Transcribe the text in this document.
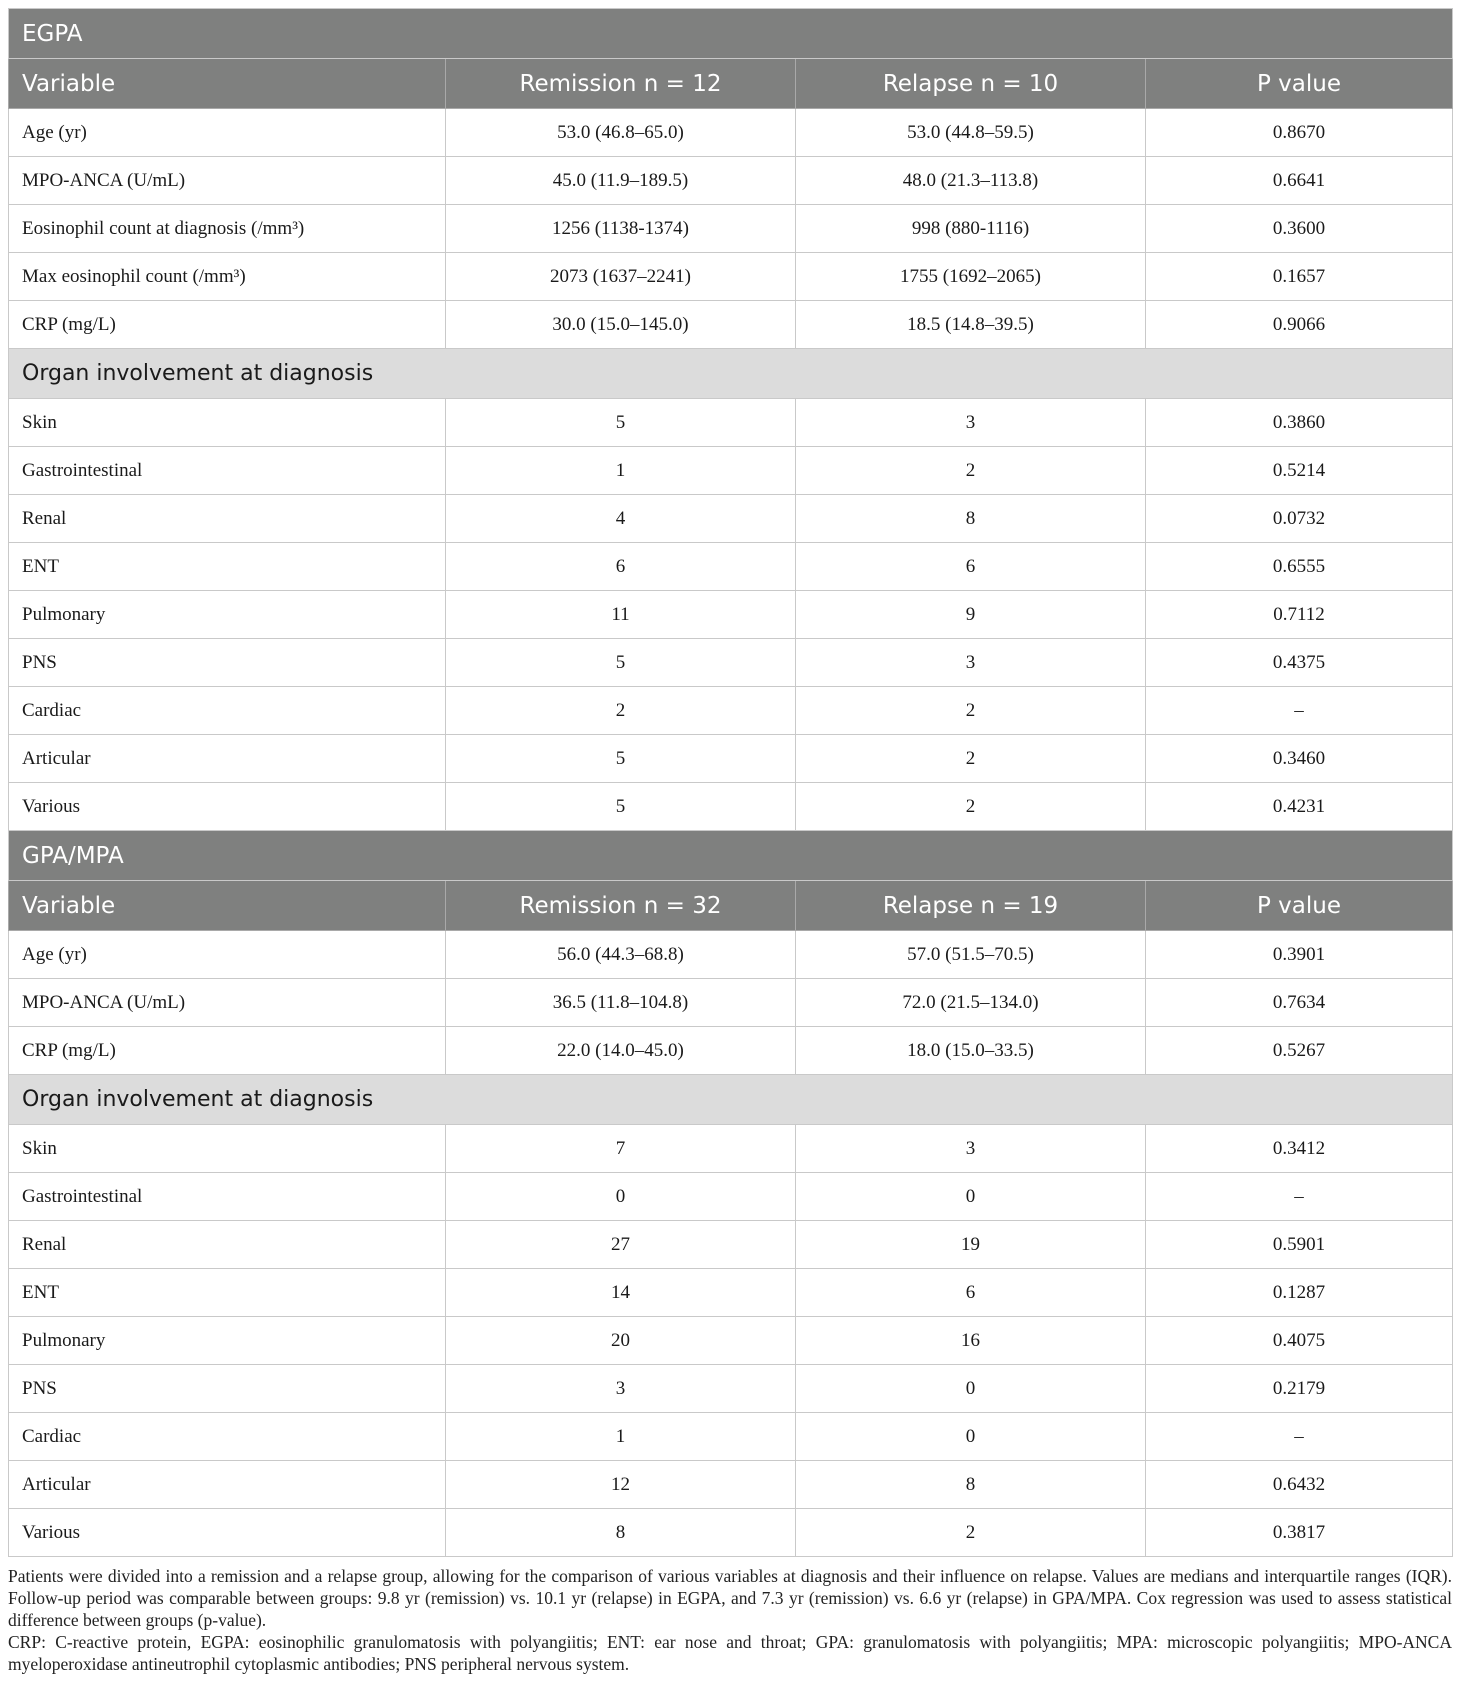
EGPA			
Variable	Remission n = 12	Relapse n = 10	P value
Age (yr)	53.0 (46.8–65.0)	53.0 (44.8–59.5)	0.8670
MPO-ANCA (U/mL)	45.0 (11.9–189.5)	48.0 (21.3–113.8)	0.6641
Eosinophil count at diagnosis (/mm³)	1256 (1138-1374)	998 (880-1116)	0.3600
Max eosinophil count (/mm³)	2073 (1637–2241)	1755 (1692–2065)	0.1657
CRP (mg/L)	30.0 (15.0–145.0)	18.5 (14.8–39.5)	0.9066
Organ involvement at diagnosis			
Skin	5	3	0.3860
Gastrointestinal	1	2	0.5214
Renal	4	8	0.0732
ENT	6	6	0.6555
Pulmonary	11	9	0.7112
PNS	5	3	0.4375
Cardiac	2	2	–
Articular	5	2	0.3460
Various	5	2	0.4231
GPA/MPA			
Variable	Remission n = 32	Relapse n = 19	P value
Age (yr)	56.0 (44.3–68.8)	57.0 (51.5–70.5)	0.3901
MPO-ANCA (U/mL)	36.5 (11.8–104.8)	72.0 (21.5–134.0)	0.7634
CRP (mg/L)	22.0 (14.0–45.0)	18.0 (15.0–33.5)	0.5267
Organ involvement at diagnosis			
Skin	7	3	0.3412
Gastrointestinal	0	0	–
Renal	27	19	0.5901
ENT	14	6	0.1287
Pulmonary	20	16	0.4075
PNS	3	0	0.2179
Cardiac	1	0	–
Articular	12	8	0.6432
Various	8	2	0.3817

Patients were divided into a remission and a relapse group, allowing for the comparison of various variables at diagnosis and their influence on relapse. Values are medians and interquartile ranges (IQR). Follow-up period was comparable between groups: 9.8 yr (remission) vs. 10.1 yr (relapse) in EGPA, and 7.3 yr (remission) vs. 6.6 yr (relapse) in GPA/MPA. Cox regression was used to assess statistical difference between groups (p-value).

CRP: C-reactive protein, EGPA: eosinophilic granulomatosis with polyangiitis; ENT: ear nose and throat; GPA: granulomatosis with polyangiitis; MPA: microscopic polyangiitis; MPO-ANCA myeloperoxidase antineutrophil cytoplasmic antibodies; PNS peripheral nervous system.
